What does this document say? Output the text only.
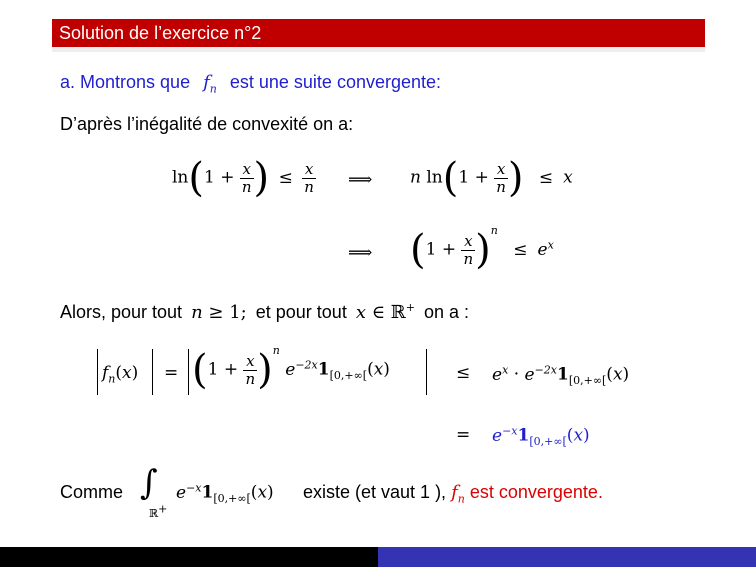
Solution de l’exercice n°2
a. Montrons que $f_n$ est une suite convergente:
D’après l’inégalité de convexité on a:
$\ln(1 + \frac{x}{n}$ ) ≤ $\frac{x}{n}$ ⟹ n $\ln(1 + \frac{x}{n}$ ) ≤ x
⟹ $(1 + \frac{x}{n} )^n \le e^x$
Alors, pour tout n ≥ 1; et pour tout x ∈ ℝ+ on a :
$f_n(x) = (1 + \frac{x}{n} )^n$ $e^{-2x}1_{[0,+\infty[}(x)$	≤ $e^x \cdot e^{-2x}1_{[0,+\infty[}(x)$
= $e^{-x}1_{[0,+\infty[}(x)$
Comme ∫
ℝ+
$e^{-x}1_{[0,+\infty[}(x)$ existe (et vaut 1 ), $f_n$ est convergente.
